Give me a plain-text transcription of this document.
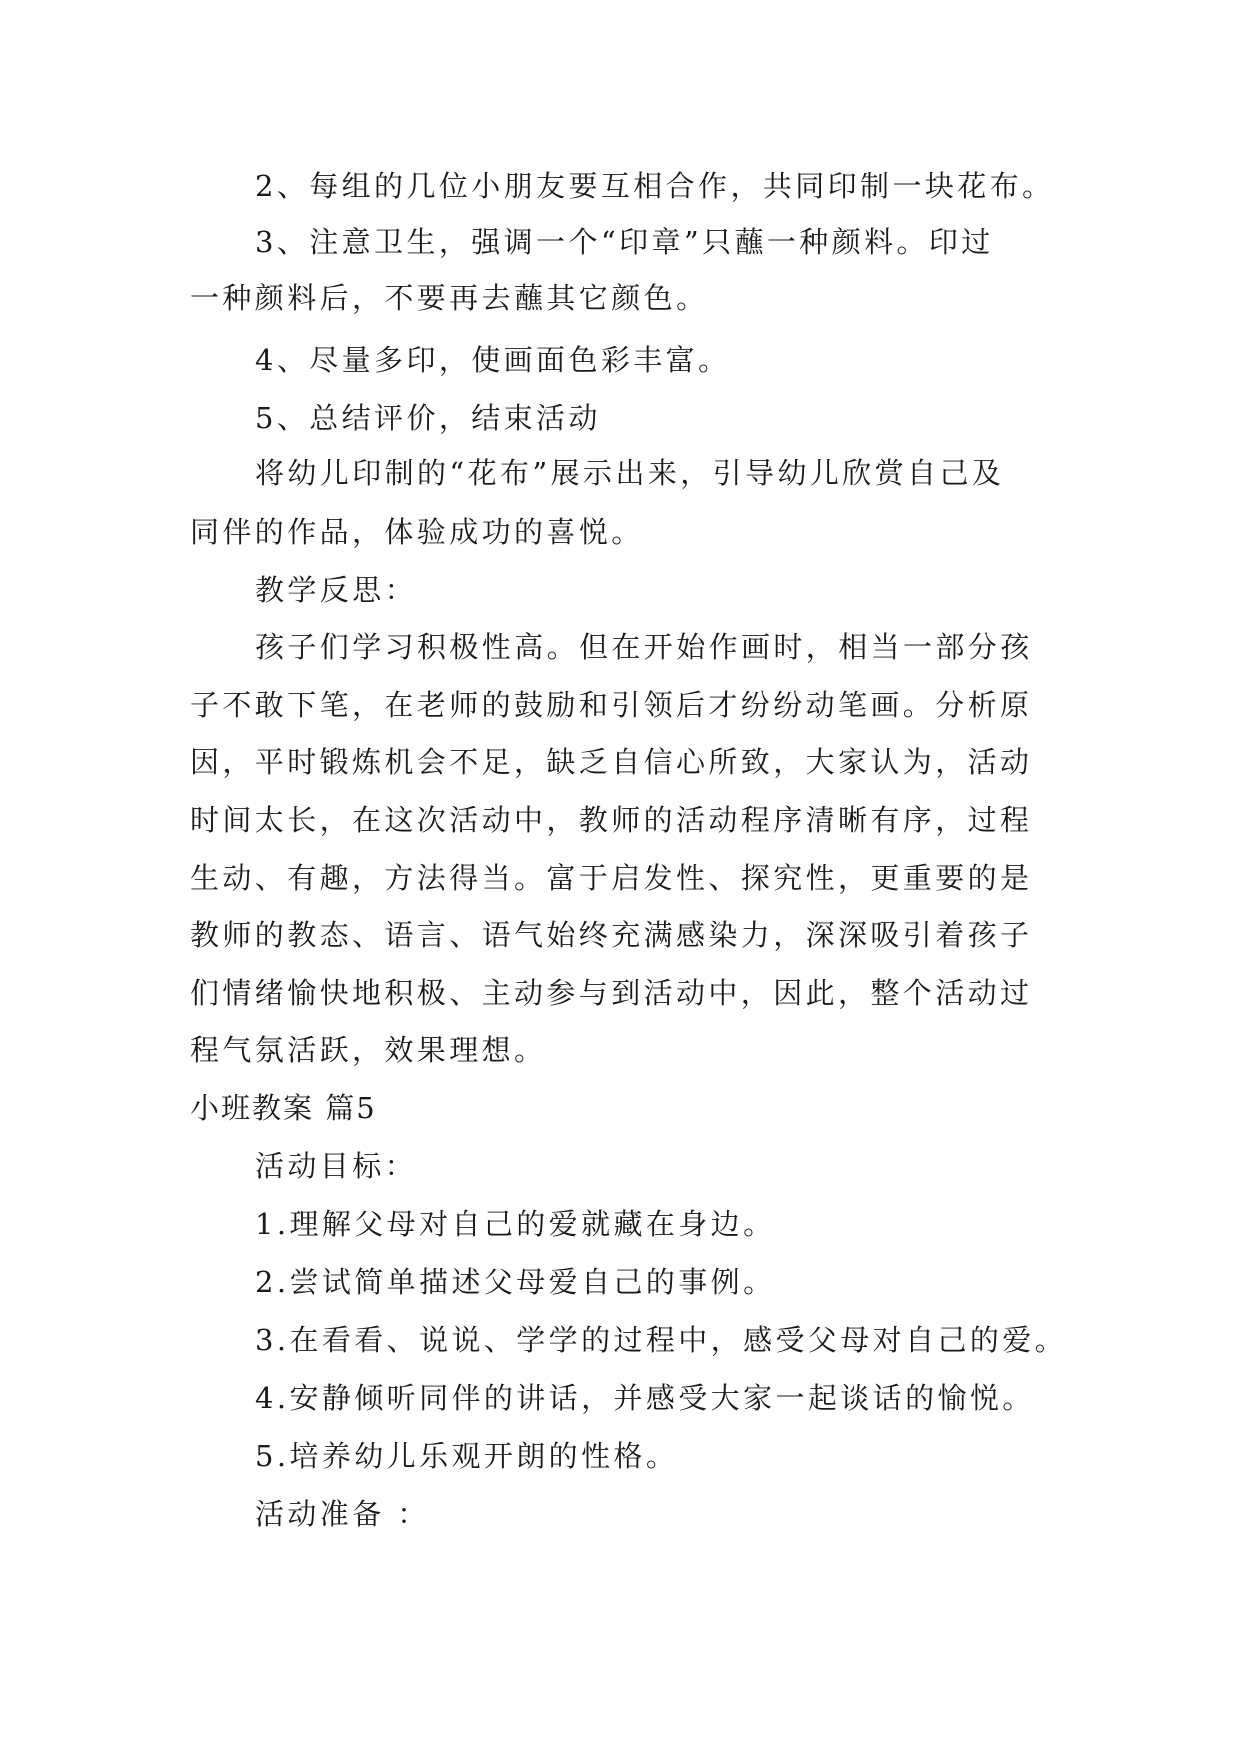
2、每组的几位小朋友要互相合作，共同印制一块花布。
3、注意卫生，强调一个“印章”只蘸一种颜料。印过
一种颜料后，不要再去蘸其它颜色。
4、尽量多印，使画面色彩丰富。
5、总结评价，结束活动
将幼儿印制的“花布”展示出来，引导幼儿欣赏自己及
同伴的作品，体验成功的喜悦。
教学反思：
孩子们学习积极性高。但在开始作画时，相当一部分孩
子不敢下笔，在老师的鼓励和引领后才纷纷动笔画。分析原
因，平时锻炼机会不足，缺乏自信心所致，大家认为，活动
时间太长，在这次活动中，教师的活动程序清晰有序，过程
生动、有趣，方法得当。富于启发性、探究性，更重要的是
教师的教态、语言、语气始终充满感染力，深深吸引着孩子
们情绪愉快地积极、主动参与到活动中，因此，整个活动过
程气氛活跃，效果理想。
小班教案 篇5
活动目标：
1.理解父母对自己的爱就藏在身边。
2.尝试简单描述父母爱自己的事例。
3.在看看、说说、学学的过程中，感受父母对自己的爱。
4.安静倾听同伴的讲话，并感受大家一起谈话的愉悦。
5.培养幼儿乐观开朗的性格。
活动准备 ：
